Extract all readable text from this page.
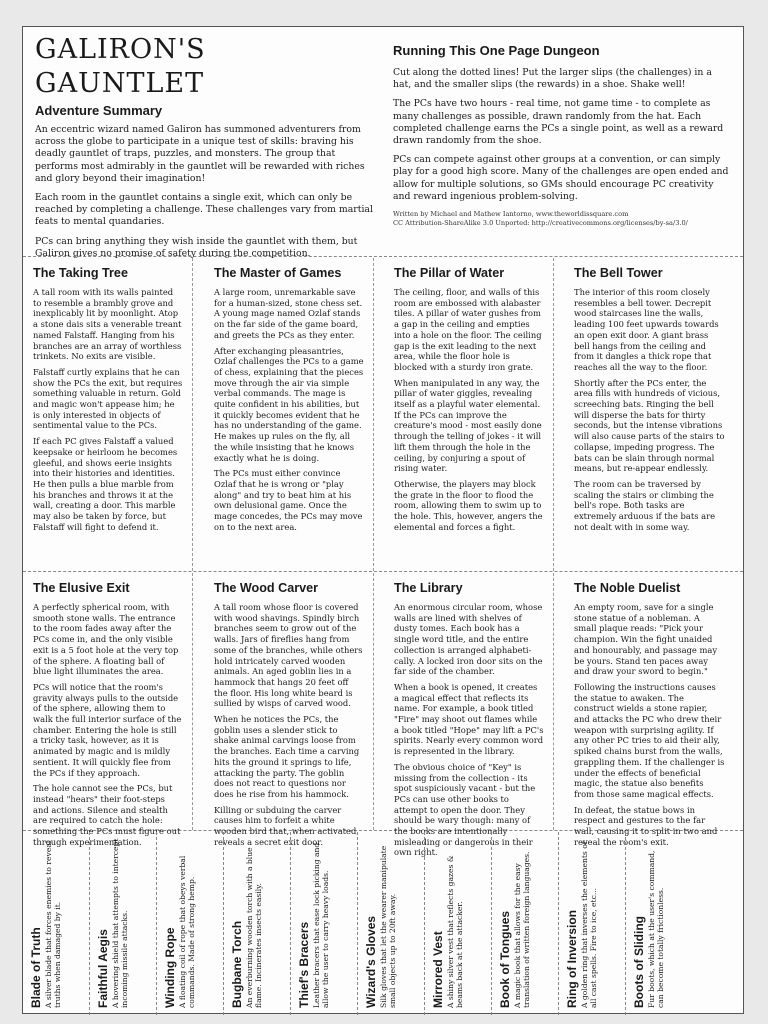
GALIRON'S GAUNTLET
Adventure Summary

An eccentric wizard named Galiron has summoned adventurers from across the globe to participate in a unique test of skills: braving his deadly gauntlet of traps, puzzles, and monsters. The group that performs most admirably in the gauntlet will be rewarded with riches and glory beyond their imagination!

Each room in the gauntlet contains a single exit, which can only be reached by completing a challenge. These challenges vary from martial feats to mental quandaries.

PCs can bring anything they wish inside the gauntlet with them, but Galiron gives no promise of safety during the competition.

Running This One Page Dungeon

Cut along the dotted lines! Put the larger slips (the challenges) in a hat, and the smaller slips (the rewards) in a shoe. Shake well!

The PCs have two hours - real time, not game time - to complete as many challenges as possible, drawn randomly from the hat. Each completed challenge earns the PCs a single point, as well as a reward drawn randomly from the shoe.

PCs can compete against other groups at a convention, or can simply play for a good high score. Many of the challenges are open ended and allow for multiple solutions, so GMs should encourage PC creativity and reward ingenious problem-solving.

Written by Michael and Mathew Iantorno, www.theworldissquare.com
CC Attribution-ShareAlike 3.0 Unported: http://creativecommons.org/licenses/by-sa/3.0/
The Taking Tree

A tall room with its walls painted to resemble a brambly grove and inexplicably lit by moonlight. Atop a stone dais sits a venerable treant named Falstaff. Hanging from his branches are an array of worthless trinkets. No exits are visible.

Falstaff curtly explains that he can show the PCs the exit, but requires something valuable in return. Gold and magic won't appease him; he is only interested in objects of sentimental value to the PCs.

If each PC gives Falstaff a valued keepsake or heirloom he becomes gleeful, and shows eerie insights into their histories and identities. He then pulls a blue marble from his branches and throws it at the wall, creating a door. This marble may also be taken by force, but Falstaff will fight to defend it.

The Master of Games

A large room, unremarkable save for a human-sized, stone chess set. A young mage named Ozlaf stands on the far side of the game board, and greets the PCs as they enter.

After exchanging pleasantries, Ozlaf challenges the PCs to a game of chess, explaining that the pieces move through the air via simple verbal commands. The mage is quite confident in his abilities, but it quickly becomes evident that he has no understanding of the game. He makes up rules on the fly, all the while insisting that he knows exactly what he is doing.

The PCs must either convince Ozlaf that he is wrong or "play along" and try to beat him at his own delusional game. Once the mage concedes, the PCs may move on to the next area.

The Pillar of Water

The ceiling, floor, and walls of this room are embossed with alabaster tiles. A pillar of water gushes from a gap in the ceiling and empties into a hole on the floor. The ceiling gap is the exit leading to the next area, while the floor hole is blocked with a sturdy iron grate.

When manipulated in any way, the pillar of water giggles, revealing itself as a playful water elemental. If the PCs can improve the creature's mood - most easily done through the telling of jokes - it will lift them through the hole in the ceiling, by conjuring a spout of rising water.

Otherwise, the players may block the grate in the floor to flood the room, allowing them to swim up to the hole. This, however, angers the elemental and forces a fight.

The Bell Tower

The interior of this room closely resembles a bell tower. Decrepit wood staircases line the walls, leading 100 feet upwards towards an open exit door. A giant brass bell hangs from the ceiling and from it dangles a thick rope that reaches all the way to the floor.

Shortly after the PCs enter, the area fills with hundreds of vicious, screeching bats. Ringing the bell will disperse the bats for thirty seconds, but the intense vibrations will also cause parts of the stairs to collapse, impeding progress. The bats can be slain through normal means, but re-appear endlessly.

The room can be traversed by scaling the stairs or climbing the bell's rope. Both tasks are extremely arduous if the bats are not dealt with in some way.

The Elusive Exit

A perfectly spherical room, with smooth stone walls. The entrance to the room fades away after the PCs come in, and the only visible exit is a 5 foot hole at the very top of the sphere. A floating ball of blue light illuminates the area.

PCs will notice that the room's gravity always pulls to the outside of the sphere, allowing them to walk the full interior surface of the chamber. Entering the hole is still a tricky task, however, as it is animated by magic and is mildly sentient. It will quickly flee from the PCs if they approach.

The hole cannot see the PCs, but instead "hears" their foot-steps and actions. Silence and stealth are required to catch the hole: something the PCs must figure out through experimentation.

The Wood Carver

A tall room whose floor is covered with wood shavings. Spindly birch branches seem to grow out of the walls. Jars of fireflies hang from some of the branches, while others hold intricately carved wooden animals. An aged goblin lies in a hammock that hangs 20 feet off the floor. His long white beard is sullied by wisps of carved wood.

When he notices the PCs, the goblin uses a slender stick to shake animal carvings loose from the branches. Each time a carving hits the ground it springs to life, attacking the party. The goblin does not react to questions nor does he rise from his hammock.

Killing or subduing the carver causes him to forfeit a white wooden bird that, when activated, reveals a secret exit door.

The Library

An enormous circular room, whose walls are lined with shelves of dusty tomes. Each book has a single word title, and the entire collection is arranged alphabeti-cally. A locked iron door sits on the far side of the chamber.

When a book is opened, it creates a magical effect that reflects its name. For example, a book titled "Fire" may shoot out flames while a book titled "Hope" may lift a PC's spirits. Nearly every common word is represented in the library.

The obvious choice of "Key" is missing from the collection - its spot suspiciously vacant - but the PCs can use other books to attempt to open the door. They should be wary though: many of the books are intentionally misleading or dangerous in their own right.

The Noble Duelist

An empty room, save for a single stone statue of a nobleman. A small plaque reads: "Pick your champion. Win the fight unaided and honourably, and passage may be yours. Stand ten paces away and draw your sword to begin."

Following the instructions causes the statue to awaken. The construct wields a stone rapier, and attacks the PC who drew their weapon with surprising agility. If any other PC tries to aid their ally, spiked chains burst from the walls, grappling them. If the challenger is under the effects of beneficial magic, the statue also benefits from those same magical effects.

In defeat, the statue bows in respect and gestures to the far wall, causing it to split in two and reveal the room's exit.

Blade of Truth A silver blade that forces enemies to reveal truths when damaged by it.	Faithful Aegis A hovering shield that attempts to intercept incoming missile attacks.	Winding Rope A floating coil of rope that obeys verbal commands. Made of strong hemp.	Bugbane Torch An everburning wooden torch with a blue flame. Incinerates insects easily.	Thief's Bracers Leather bracers that ease lock picking and allow the user to carry heavy loads.	Wizard's Gloves Silk gloves that let the wearer manipulate small objects up to 20ft away.	Mirrored Vest A shiny silver vest that reflects gazes & beams back at the attacker.	Book of Tongues A magic book that allows for the easy translation of written foreign languages.	Ring of Inversion A golden ring that inverses the elements of all cast spells. Fire to ice, etc...	Boots of Sliding Fur boots, which at the user's command, can become totally frictionless.
